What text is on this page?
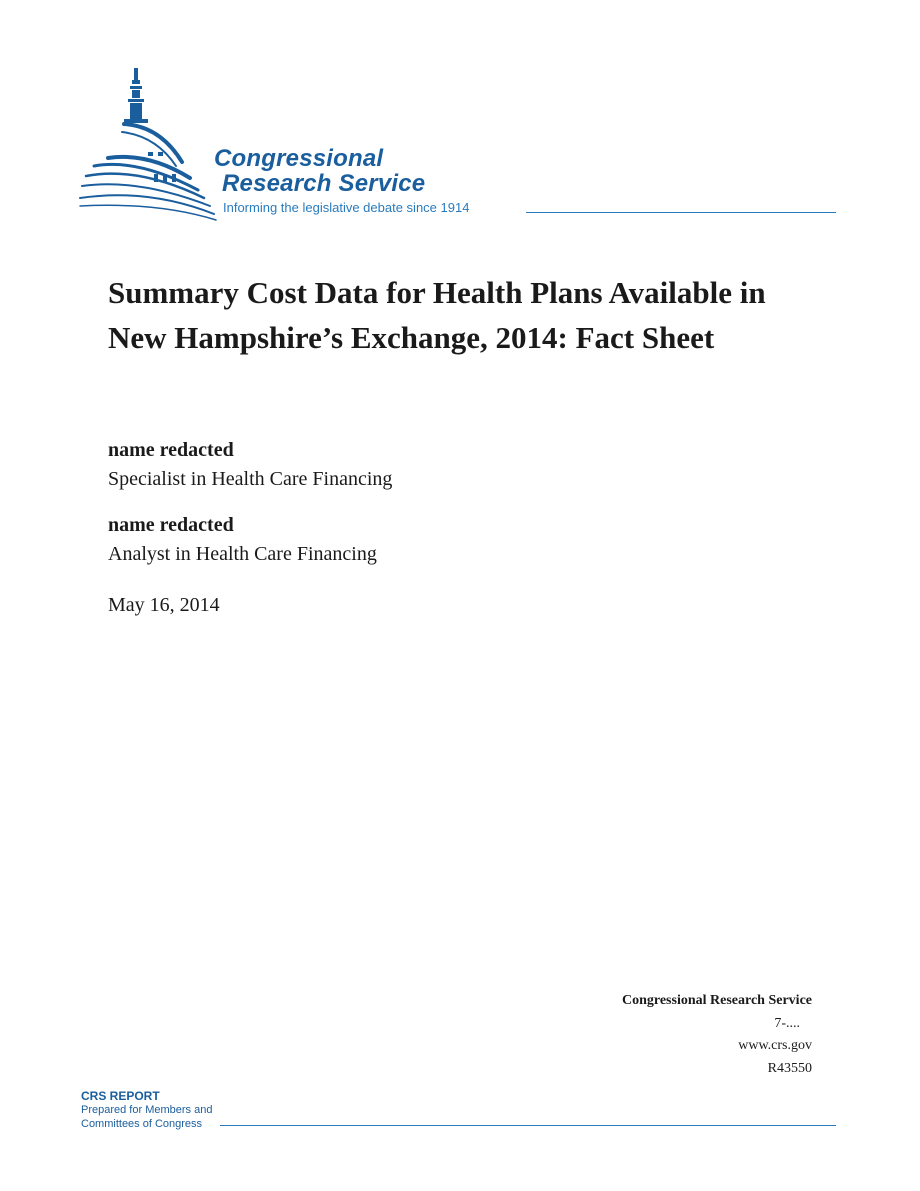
Congressional
Research Service
Informing the legislative debate since 1914
Summary Cost Data for Health Plans Available in New Hampshire’s Exchange, 2014: Fact Sheet
name redacted
Specialist in Health Care Financing
name redacted
Analyst in Health Care Financing
May 16, 2014
Congressional Research Service
7-....
www.crs.gov
R43550
CRS REPORT
Prepared for Members and
Committees of Congress
